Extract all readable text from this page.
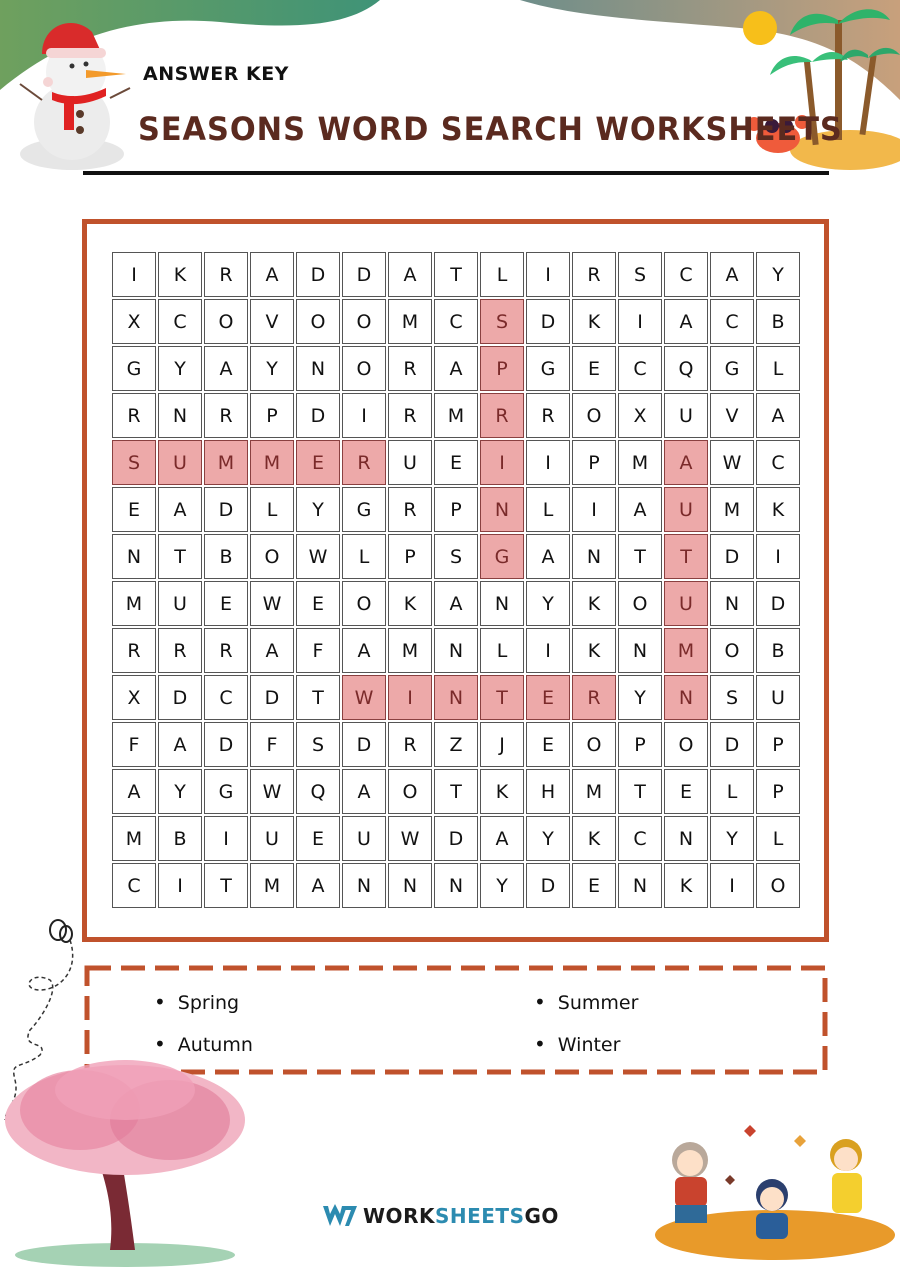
ANSWER KEY
SEASONS WORD SEARCH WORKSHEETS
I	K	R	A	D	D	A	T	L	I	R	S	C	A	Y
X	C	O	V	O	O	M	C	S	D	K	I	A	C	B
G	Y	A	Y	N	O	R	A	P	G	E	C	Q	G	L
R	N	R	P	D	I	R	M	R	R	O	X	U	V	A
S	U	M	M	E	R	U	E	I	I	P	M	A	W	C
E	A	D	L	Y	G	R	P	N	L	I	A	U	M	K
N	T	B	O	W	L	P	S	G	A	N	T	T	D	I
M	U	E	W	E	O	K	A	N	Y	K	O	U	N	D
R	R	R	A	F	A	M	N	L	I	K	N	M	O	B
X	D	C	D	T	W	I	N	T	E	R	Y	N	S	U
F	A	D	F	S	D	R	Z	J	E	O	P	O	D	P
A	Y	G	W	Q	A	O	T	K	H	M	T	E	L	P
M	B	I	U	E	U	W	D	A	Y	K	C	N	Y	L
C	I	T	M	A	N	N	N	Y	D	E	N	K	I	O
• Spring	• Summer
• Autumn	• Winter
WORKSHEETSGO
